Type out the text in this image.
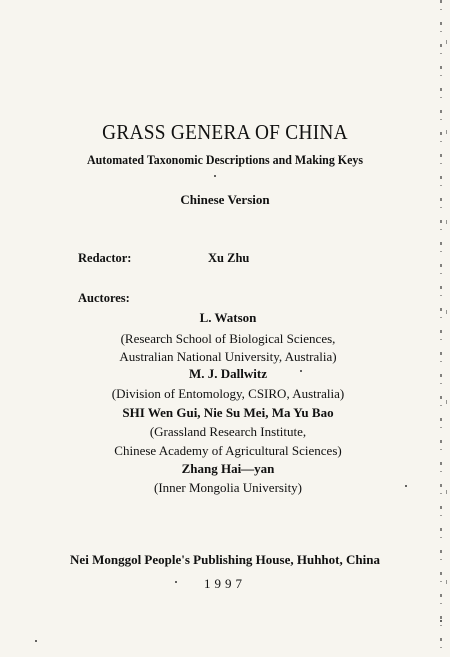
GRASS GENERA OF CHINA
Automated Taxonomic Descriptions and Making Keys
Chinese Version
Redactor:	Xu Zhu
Auctores:
L. Watson
(Research School of Biological Sciences,
Australian National University, Australia)
M. J. Dallwitz
(Division of Entomology, CSIRO, Australia)
SHI Wen Gui, Nie Su Mei, Ma Yu Bao
(Grassland Research Institute,
Chinese Academy of Agricultural Sciences)
Zhang Hai—yan
(Inner Mongolia University)
Nei Monggol People's Publishing House, Huhhot, China
1997
